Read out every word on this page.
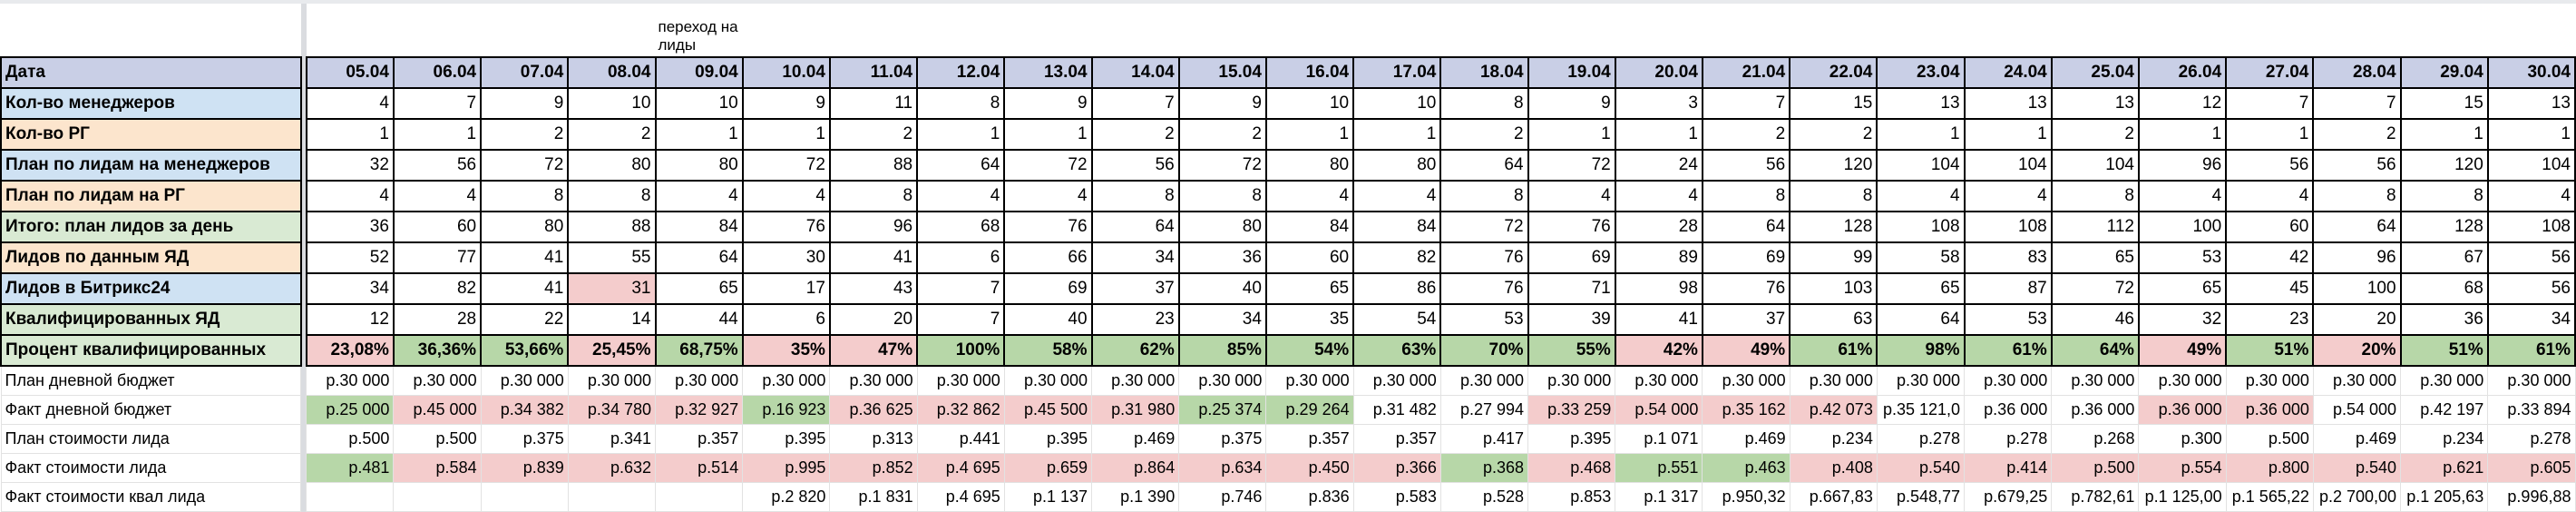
						переход на лиды																					
Дата		05.04	06.04	07.04	08.04	09.04	10.04	11.04	12.04	13.04	14.04	15.04	16.04	17.04	18.04	19.04	20.04	21.04	22.04	23.04	24.04	25.04	26.04	27.04	28.04	29.04	30.04
Кол-во менеджеров		4	7	9	10	10	9	11	8	9	7	9	10	10	8	9	3	7	15	13	13	13	12	7	7	15	13
Кол-во РГ		1	1	2	2	1	1	2	1	1	2	2	1	1	2	1	1	2	2	1	1	2	1	1	2	1	1
План по лидам на менеджеров		32	56	72	80	80	72	88	64	72	56	72	80	80	64	72	24	56	120	104	104	104	96	56	56	120	104
План по лидам на РГ		4	4	8	8	4	4	8	4	4	8	8	4	4	8	4	4	8	8	4	4	8	4	4	8	8	4
Итого: план лидов за день		36	60	80	88	84	76	96	68	76	64	80	84	84	72	76	28	64	128	108	108	112	100	60	64	128	108
Лидов по данным ЯД		52	77	41	55	64	30	41	6	66	34	36	60	82	76	69	89	69	99	58	83	65	53	42	96	67	56
Лидов в Битрикс24		34	82	41	31	65	17	43	7	69	37	40	65	86	76	71	98	76	103	65	87	72	65	45	100	68	56
Квалифицированных ЯД		12	28	22	14	44	6	20	7	40	23	34	35	54	53	39	41	37	63	64	53	46	32	23	20	36	34
Процент квалифицированных		23,08%	36,36%	53,66%	25,45%	68,75%	35%	47%	100%	58%	62%	85%	54%	63%	70%	55%	42%	49%	61%	98%	61%	64%	49%	51%	20%	51%	61%
План дневной бюджет		р.30 000	р.30 000	р.30 000	р.30 000	р.30 000	р.30 000	р.30 000	р.30 000	р.30 000	р.30 000	р.30 000	р.30 000	р.30 000	р.30 000	р.30 000	р.30 000	р.30 000	р.30 000	р.30 000	р.30 000	р.30 000	р.30 000	р.30 000	р.30 000	р.30 000	р.30 000
Факт дневной бюджет		р.25 000	р.45 000	р.34 382	р.34 780	р.32 927	р.16 923	р.36 625	р.32 862	р.45 500	р.31 980	р.25 374	р.29 264	р.31 482	р.27 994	р.33 259	р.54 000	р.35 162	р.42 073	р.35 121,0	р.36 000	р.36 000	р.36 000	р.36 000	р.54 000	р.42 197	р.33 894
План стоимости лида		р.500	р.500	р.375	р.341	р.357	р.395	р.313	р.441	р.395	р.469	р.375	р.357	р.357	р.417	р.395	р.1 071	р.469	р.234	р.278	р.278	р.268	р.300	р.500	р.469	р.234	р.278
Факт стоимости лида		р.481	р.584	р.839	р.632	р.514	р.995	р.852	р.4 695	р.659	р.864	р.634	р.450	р.366	р.368	р.468	р.551	р.463	р.408	р.540	р.414	р.500	р.554	р.800	р.540	р.621	р.605
Факт стоимости квал лида							р.2 820	р.1 831	р.4 695	р.1 137	р.1 390	р.746	р.836	р.583	р.528	р.853	р.1 317	р.950,32	р.667,83	р.548,77	р.679,25	р.782,61	р.1 125,00	р.1 565,22	р.2 700,00	р.1 205,63	р.996,88
